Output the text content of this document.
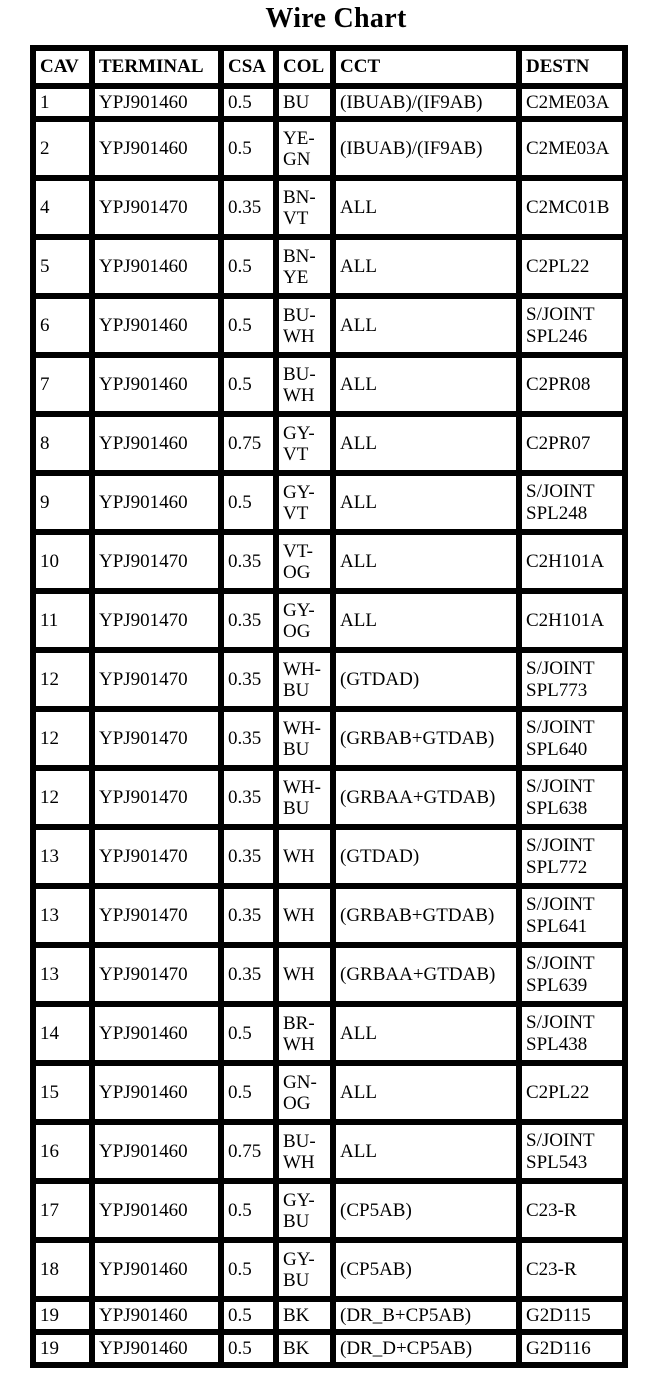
Wire Chart
CAV	TERMINAL	CSA	COL	CCT	DESTN
1	YPJ901460	0.5	BU	(IBUAB)/(IF9AB)	C2ME03A
2	YPJ901460	0.5	YE-GN	(IBUAB)/(IF9AB)	C2ME03A
4	YPJ901470	0.35	BN-VT	ALL	C2MC01B
5	YPJ901460	0.5	BN-YE	ALL	C2PL22
6	YPJ901460	0.5	BU-WH	ALL	S/JOINT SPL246
7	YPJ901460	0.5	BU-WH	ALL	C2PR08
8	YPJ901460	0.75	GY-VT	ALL	C2PR07
9	YPJ901460	0.5	GY-VT	ALL	S/JOINT SPL248
10	YPJ901470	0.35	VT-OG	ALL	C2H101A
11	YPJ901470	0.35	GY-OG	ALL	C2H101A
12	YPJ901470	0.35	WH-BU	(GTDAD)	S/JOINT SPL773
12	YPJ901470	0.35	WH-BU	(GRBAB+GTDAB)	S/JOINT SPL640
12	YPJ901470	0.35	WH-BU	(GRBAA+GTDAB)	S/JOINT SPL638
13	YPJ901470	0.35	WH	(GTDAD)	S/JOINT SPL772
13	YPJ901470	0.35	WH	(GRBAB+GTDAB)	S/JOINT SPL641
13	YPJ901470	0.35	WH	(GRBAA+GTDAB)	S/JOINT SPL639
14	YPJ901460	0.5	BR-WH	ALL	S/JOINT SPL438
15	YPJ901460	0.5	GN-OG	ALL	C2PL22
16	YPJ901460	0.75	BU-WH	ALL	S/JOINT SPL543
17	YPJ901460	0.5	GY-BU	(CP5AB)	C23-R
18	YPJ901460	0.5	GY-BU	(CP5AB)	C23-R
19	YPJ901460	0.5	BK	(DR_B+CP5AB)	G2D115
19	YPJ901460	0.5	BK	(DR_D+CP5AB)	G2D116
